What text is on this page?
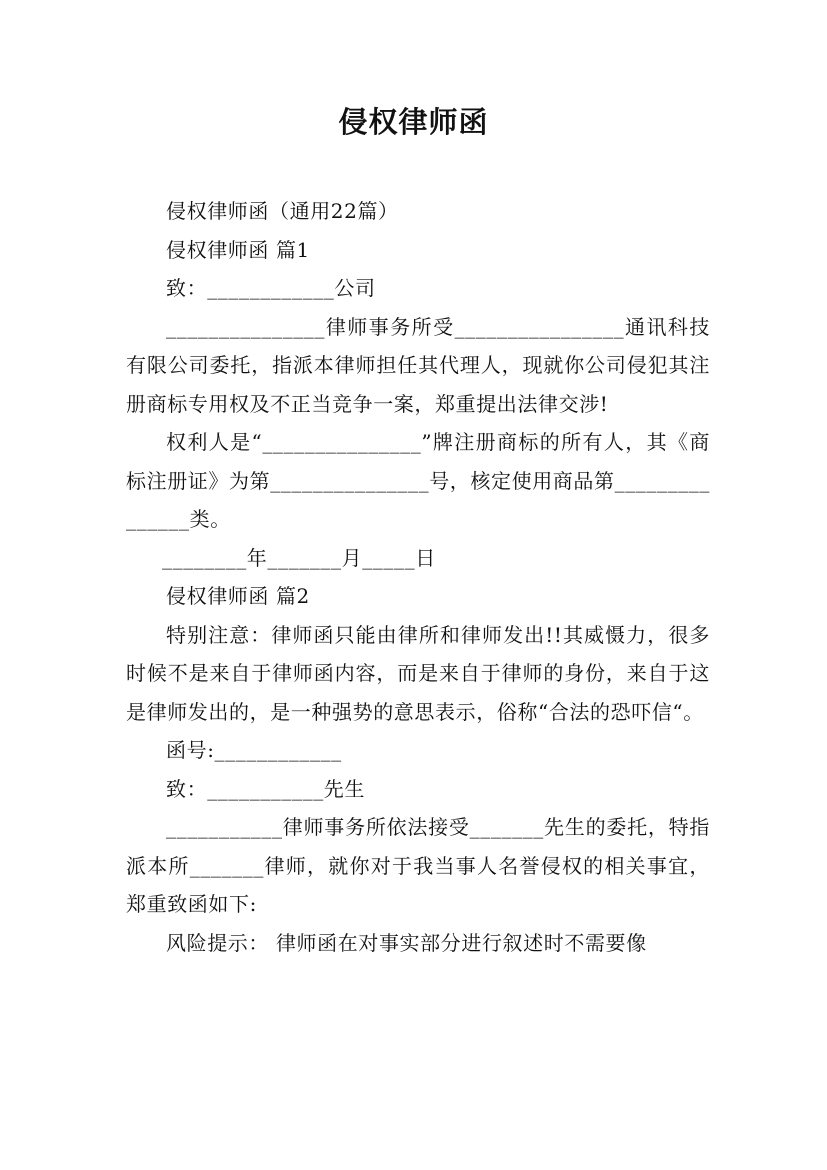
侵权律师函

侵权律师函（通用22篇）

侵权律师函 篇1

致：____________公司

_______________律师事务所受________________通讯科技有限公司委托，指派本律师担任其代理人，现就你公司侵犯其注册商标专用权及不正当竞争一案，郑重提出法律交涉!

权利人是“_______________”牌注册商标的所有人，其《商标注册证》为第_______________号，核定使用商品第_______________类。

________年_______月_____日

侵权律师函 篇2

特别注意：律师函只能由律所和律师发出!!其威慑力，很多时候不是来自于律师函内容，而是来自于律师的身份，来自于这是律师发出的，是一种强势的意思表示，俗称“合法的恐吓信“。

函号:____________

致：___________先生

___________律师事务所依法接受_______先生的委托，特指派本所_______律师，就你对于我当事人名誉侵权的相关事宜，郑重致函如下:

风险提示： 律师函在对事实部分进行叙述时不需要像
